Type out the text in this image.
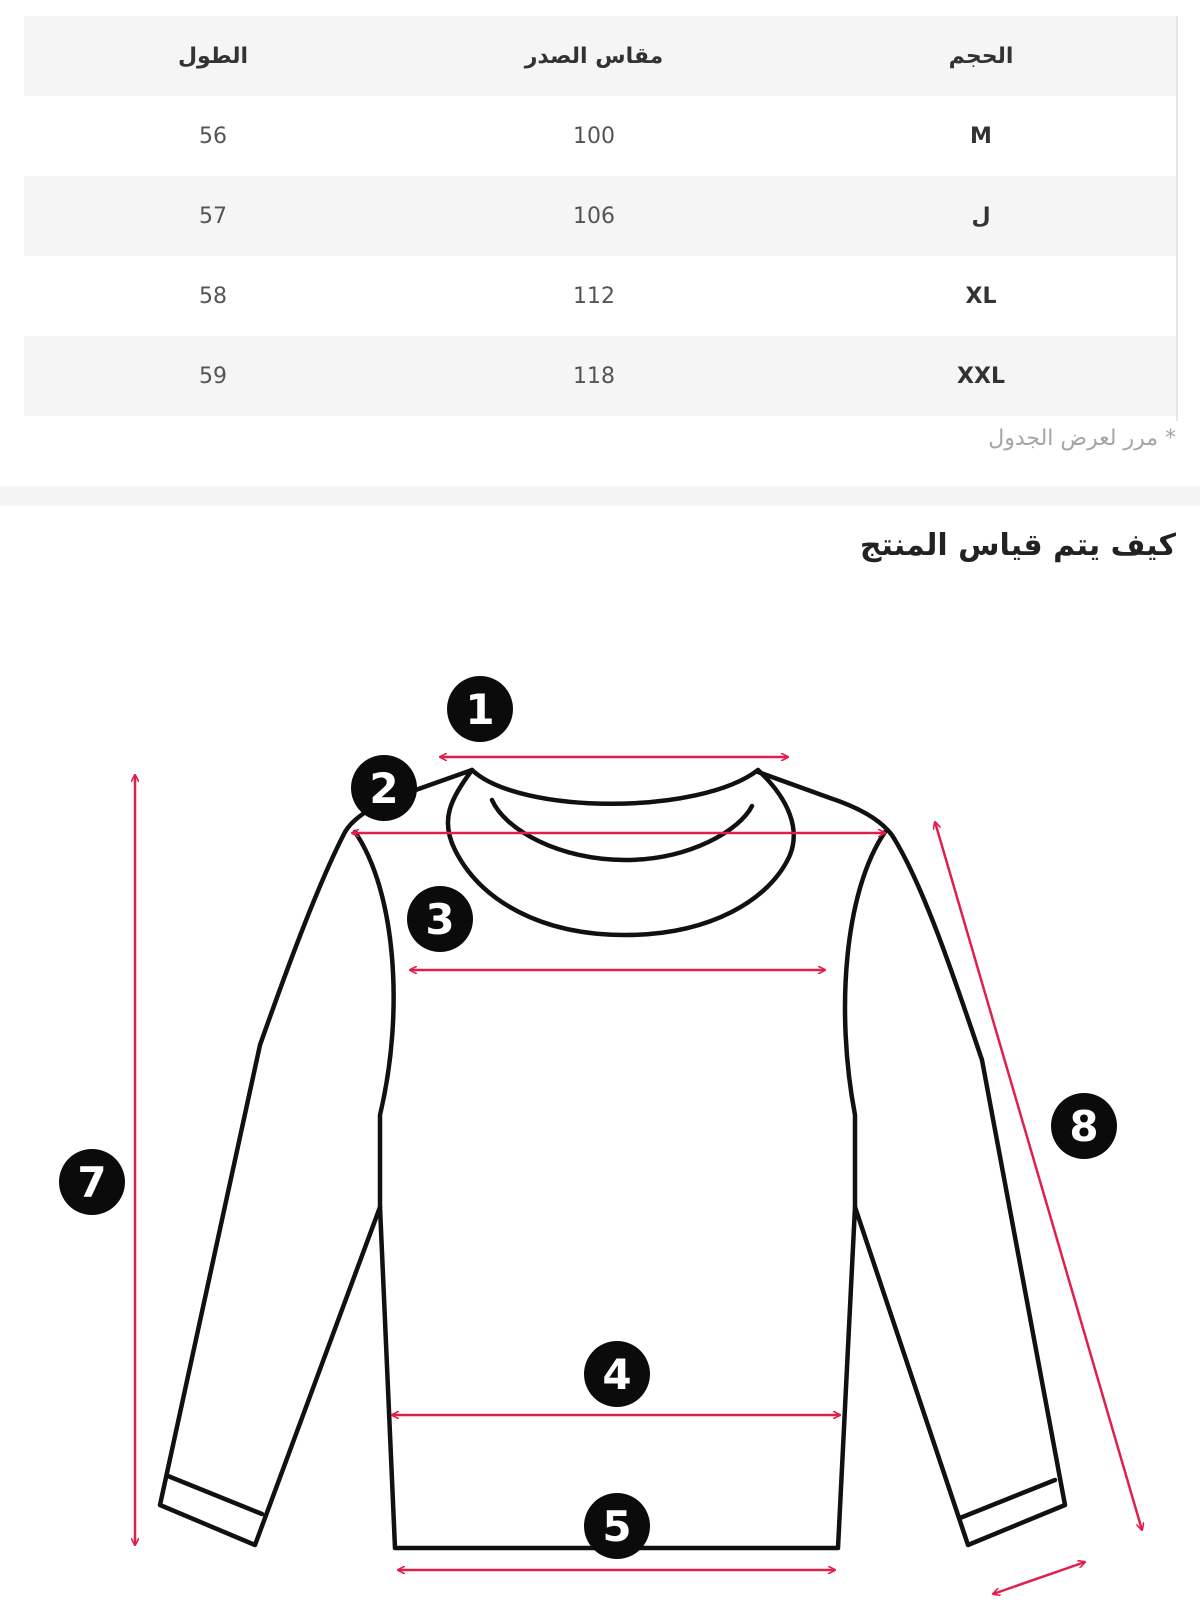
الحجم	مقاس الصدر	الطول
M	100	56
ل	106	57
XL	112	58
XXL	118	59
* مرر لعرض الجدول
كيف يتم قياس المنتج
1
2
3
4
5
7
8
